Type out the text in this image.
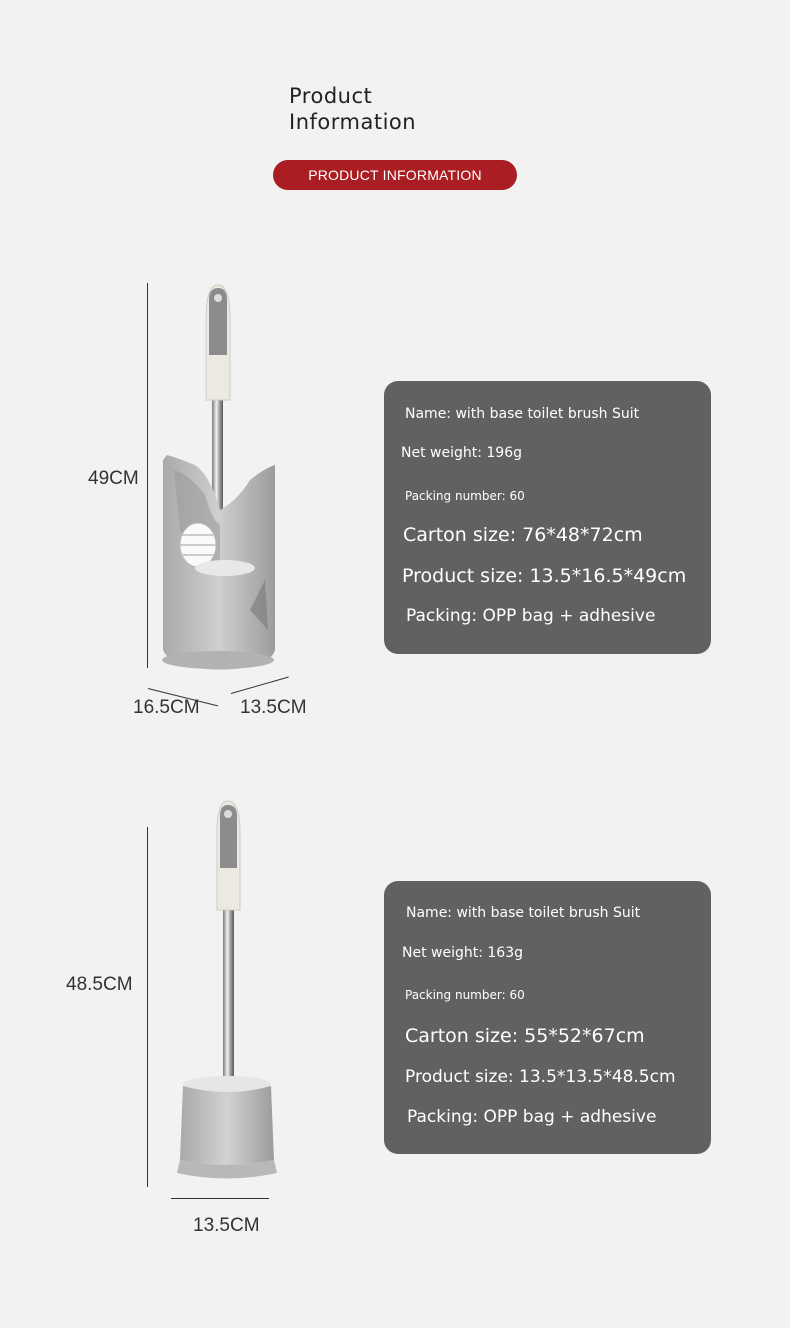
Product
Information
PRODUCT INFORMATION
49CM
16.5CM 13.5CM
Name: with base toilet brush Suit
Net weight: 196g
Packing number: 60
Carton size: 76*48*72cm
Product size: 13.5*16.5*49cm
Packing: OPP bag + adhesive
48.5CM
13.5CM
Name: with base toilet brush Suit
Net weight: 163g
Packing number: 60
Carton size: 55*52*67cm
Product size: 13.5*13.5*48.5cm
Packing: OPP bag + adhesive
